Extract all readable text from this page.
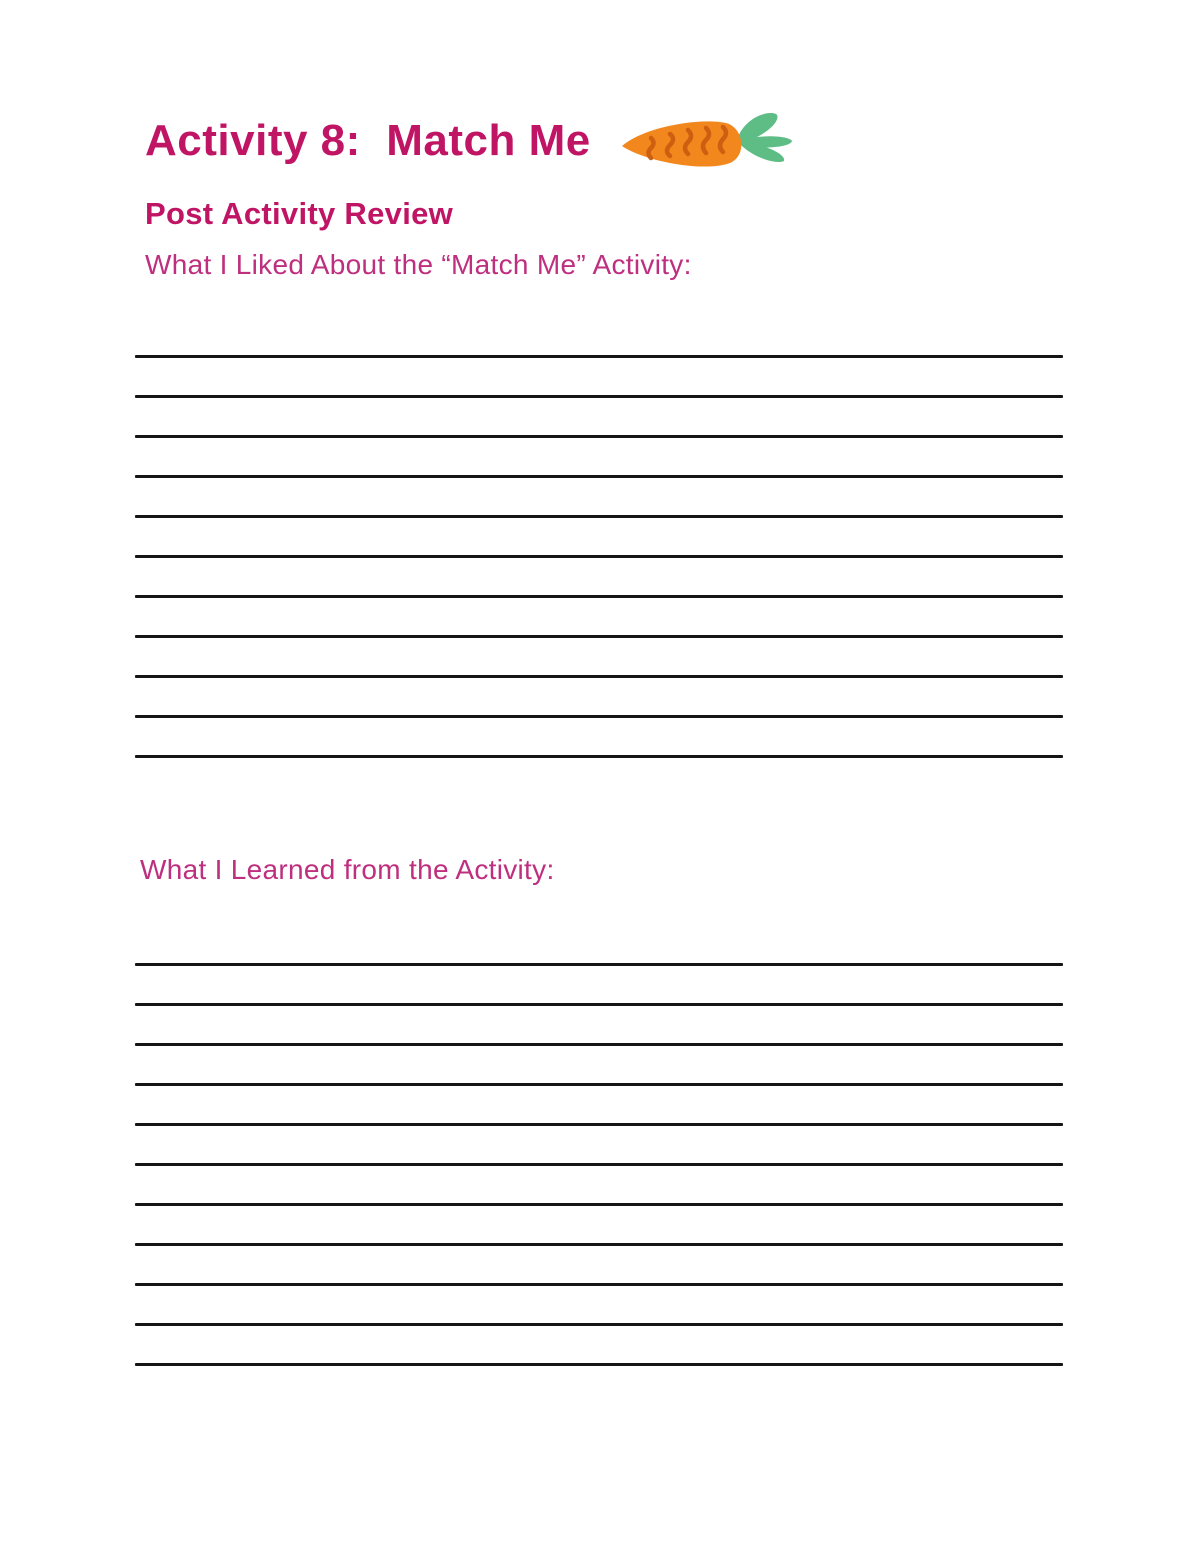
Activity 8:  Match Me
Post Activity Review

What I Liked About the “Match Me” Activity:

What I Learned from the Activity:
